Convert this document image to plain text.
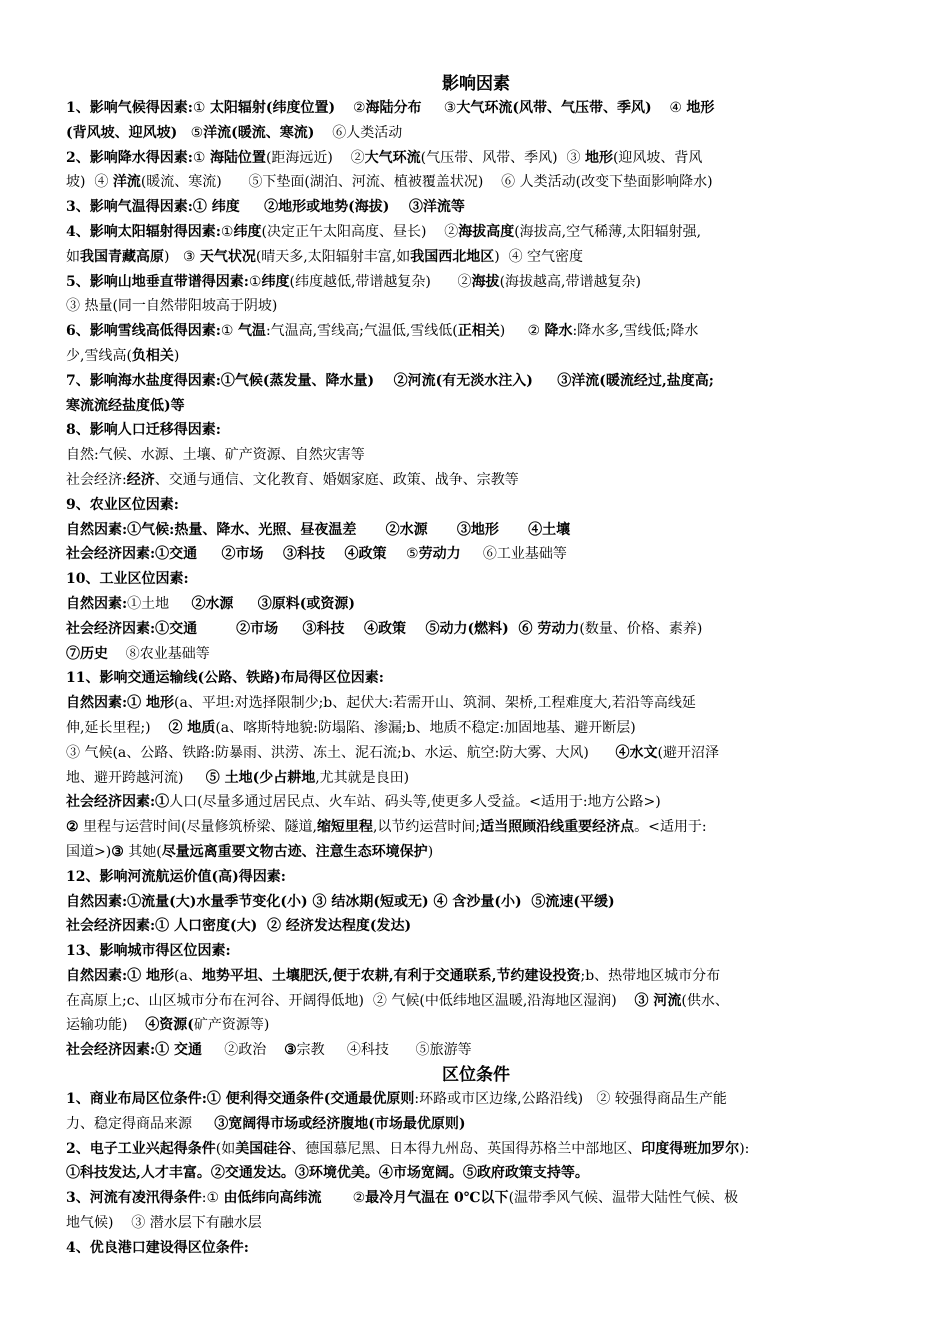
影响因素
1、影响气候得因素:① 太阳辐射(纬度位置)    ②海陆分布     ③大气环流(风带、气压带、季风)    ④ 地形
(背风坡、迎风坡)   ⑤洋流(暖流、寒流)    ⑥人类活动
2、影响降水得因素:① 海陆位置(距海远近)    ②大气环流(气压带、风带、季风)  ③ 地形(迎风坡、背风
坡)  ④ 洋流(暖流、寒流)      ⑤下垫面(湖泊、河流、植被覆盖状况)    ⑥ 人类活动(改变下垫面影响降水)
3、影响气温得因素:① 纬度     ②地形或地势(海拔)    ③洋流等
4、影响太阳辐射得因素:①纬度(决定正午太阳高度、昼长)    ②海拔高度(海拔高,空气稀薄,太阳辐射强,
如我国青藏高原)   ③ 天气状况(晴天多,太阳辐射丰富,如我国西北地区)  ④ 空气密度
5、影响山地垂直带谱得因素:①纬度(纬度越低,带谱越复杂)      ②海拔(海拔越高,带谱越复杂)
③ 热量(同一自然带阳坡高于阴坡)
6、影响雪线高低得因素:① 气温:气温高,雪线高;气温低,雪线低(正相关)     ② 降水:降水多,雪线低;降水
少,雪线高(负相关)
7、影响海水盐度得因素:①气候(蒸发量、降水量)    ②河流(有无淡水注入)     ③洋流(暖流经过,盐度高;
寒流流经盐度低)等
8、影响人口迁移得因素:
自然:气候、水源、土壤、矿产资源、自然灾害等
社会经济:经济、交通与通信、文化教育、婚姻家庭、政策、战争、宗教等
9、农业区位因素:
自然因素:①气候:热量、降水、光照、昼夜温差      ②水源      ③地形      ④土壤
社会经济因素:①交通     ②市场    ③科技    ④政策    ⑤劳动力     ⑥工业基础等
10、工业区位因素:
自然因素:①土地     ②水源     ③原料(或资源)
社会经济因素:①交通        ②市场     ③科技    ④政策    ⑤动力(燃料)  ⑥ 劳动力(数量、价格、素养)
⑦历史    ⑧农业基础等
11、影响交通运输线(公路、铁路)布局得区位因素:
自然因素:① 地形(a、平坦:对选择限制少;b、起伏大:若需开山、筑洞、架桥,工程难度大,若沿等高线延
伸,延长里程;)    ② 地质(a、喀斯特地貌:防塌陷、渗漏;b、地质不稳定:加固地基、避开断层)
③ 气候(a、公路、铁路:防暴雨、洪涝、冻土、泥石流;b、水运、航空:防大雾、大风)      ④水文(避开沼泽
地、避开跨越河流)     ⑤ 土地(少占耕地,尤其就是良田)
社会经济因素:①人口(尽量多通过居民点、火车站、码头等,使更多人受益。<适用于:地方公路>)
② 里程与运营时间(尽量修筑桥梁、隧道,缩短里程,以节约运营时间;适当照顾沿线重要经济点。<适用于:
国道>)③ 其她(尽量远离重要文物古迹、注意生态环境保护)
12、影响河流航运价值(高)得因素:
自然因素:①流量(大)水量季节变化(小) ③ 结冰期(短或无) ④ 含沙量(小)  ⑤流速(平缓)
社会经济因素:① 人口密度(大)  ② 经济发达程度(发达)
13、影响城市得区位因素:
自然因素:① 地形(a、地势平坦、土壤肥沃,便于农耕,有利于交通联系,节约建设投资;b、热带地区城市分布
在高原上;c、山区城市分布在河谷、开阔得低地)  ② 气候(中低纬地区温暖,沿海地区湿润)    ③ 河流(供水、
运输功能)    ④资源(矿产资源等)
社会经济因素:① 交通     ②政治    ③宗教     ④科技      ⑤旅游等
区位条件
1、商业布局区位条件:① 便利得交通条件(交通最优原则:环路或市区边缘,公路沿线)   ② 较强得商品生产能
力、稳定得商品来源     ③宽阔得市场或经济腹地(市场最优原则)
2、电子工业兴起得条件(如美国硅谷、德国慕尼黑、日本得九州岛、英国得苏格兰中部地区、印度得班加罗尔):
①科技发达,人才丰富。②交通发达。③环境优美。④市场宽阔。⑤政府政策支持等。
3、河流有凌汛得条件:① 由低纬向高纬流       ②最冷月气温在 0℃以下(温带季风气候、温带大陆性气候、极
地气候)    ③ 潜水层下有融水层
4、优良港口建设得区位条件:
